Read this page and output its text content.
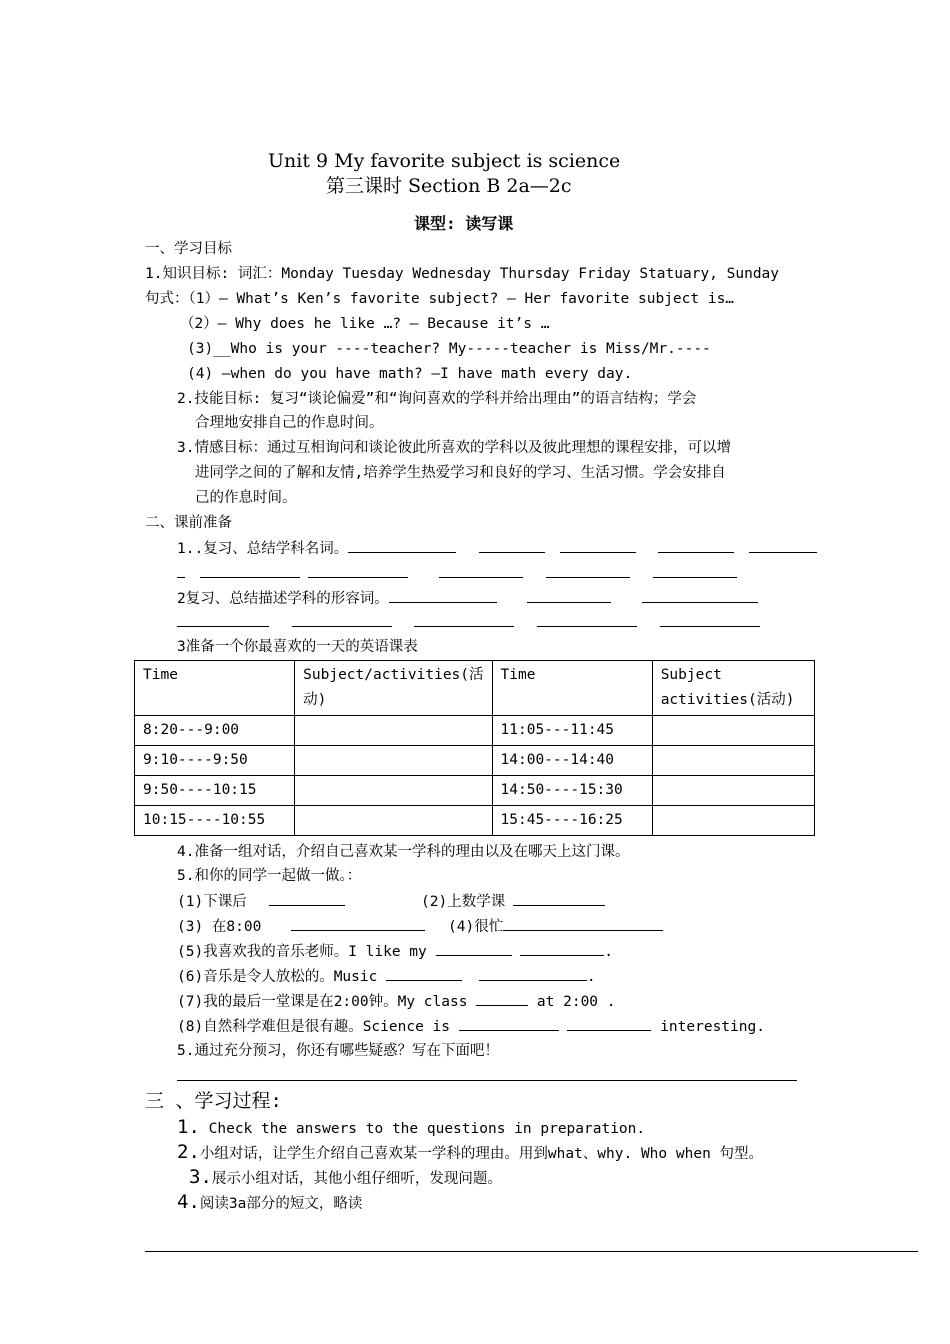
Unit 9 My favorite subject is science
第三课时 Section B 2a—2c
课型: 读写课
一、学习目标
1.知识目标: 词汇：Monday Tuesday Wednesday Thursday Friday Statuary, Sunday
句式：（1）— What’s Ken’s favorite subject? — Her favorite subject is…
（2）— Why does he like …? — Because it’s …
(3)__Who is your ----teacher? My-----teacher is Miss/Mr.----
(4) —when do you have math? —I have math every day.
2.技能目标: 复习“谈论偏爱”和“询问喜欢的学科并给出理由”的语言结构；学会
合理地安排自己的作息时间。
3.情感目标：通过互相询问和谈论彼此所喜欢的学科以及彼此理想的课程安排，可以增
进同学之间的了解和友情,培养学生热爱学习和良好的学习、生活习惯。学会安排自
己的作息时间。
二、课前准备
1..复习、总结学科名词。

2复习、总结描述学科的形容词。

3准备一个你最喜欢的一天的英语课表
Time	Subject/activities(活动)	Time	Subject activities(活动)
8:20---9:00		11:05---11:45	
9:10----9:50		14:00---14:40	
9:50----10:15		14:50----15:30	
10:15----10:55		15:45----16:25	
4.准备一组对话，介绍自己喜欢某一学科的理由以及在哪天上这门课。
5.和你的同学一起做一做。：
(1)下课后	(2)上数学课
(3) 在8:00	(4)很忙
(5)我喜欢我的音乐老师。I like my	.
(6)音乐是令人放松的。Music	.
(7)我的最后一堂课是在2:00钟。My class	at 2:00 .
(8)自然科学难但是很有趣。Science is	interesting.
5.通过充分预习，你还有哪些疑惑？写在下面吧！
三 、学习过程:
1. Check the answers to the questions in preparation.
2.小组对话，让学生介绍自己喜欢某一学科的理由。用到what、why. Who when 句型。
3.展示小组对话，其他小组仔细听，发现问题。
4.阅读3a部分的短文，略读
